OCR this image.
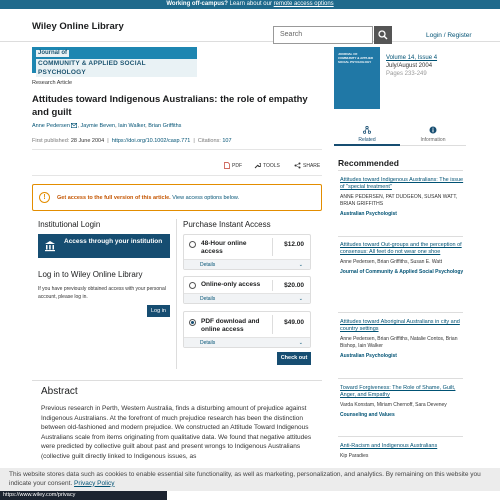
Working off-campus? Learn about our remote access options
Wiley Online Library
Search	Login / Register
Journal of
COMMUNITY & APPLIED SOCIAL PSYCHOLOGY
Research Article
Attitudes toward Indigenous Australians: the role of empathy and guilt
Anne Pedersen , Jaymie Beven, Iain Walker, Brian Griffiths
First published: 28 June 2004  |  https://doi.org/10.1002/casp.771  |  Citations: 107
PDF	TOOLS	SHARE
!	Get access to the full version of this article. View access options below.
Institutional Login	Purchase Instant Access
Access through your institution
Log in to Wiley Online Library
If you have previously obtained access with your personal account, please log in.
Log in
48-Hour online access
$12.00
Details	⌄
Online-only access	$20.00
Details	⌄
PDF download and online access
$49.00
Details	⌄
Check out
Abstract
Previous research in Perth, Western Australia, finds a disturbing amount of prejudice against Indigenous Australians. At the forefront of much prejudice research has been the distinction between old-fashioned and modern prejudice. We constructed an Attitude Toward Indigenous Australians scale from items originating from qualitative data. We found that negative attitudes were predicted by collective guilt about past and present wrongs to Indigenous Australians (collective guilt directly linked to Indigenous issues, as
JOURNAL OF COMMUNITY & APPLIED SOCIAL PSYCHOLOGY
Volume 14, Issue 4
July/August 2004
Pages 233-249
Related	Information
Recommended
Attitudes toward Indigenous Australians: The issue of "special treatment"
ANNE PEDERSEN, PAT DUDGEON, SUSAN WATT, BRIAN GRIFFITHS
Australian Psychologist
Attitudes toward Out-groups and the perception of consensus: All feet do not wear one shoe
Anne Pedersen, Brian Griffiths, Susan E. Watt
Journal of Community & Applied Social Psychology
Attitudes toward Aboriginal Australians in city and country settings
Anne Pedersen, Brian Griffiths, Natalie Contos, Brian Bishop, Iain Walker
Australian Psychologist
Toward Forgiveness: The Role of Shame, Guilt, Anger, and Empathy
Varda Konstam, Miriam Chernoff, Sara Deveney
Counseling and Values
Anti-Racism and Indigenous Australians
Kip Paradies
This website stores data such as cookies to enable essential site functionality, as well as marketing, personalization, and analytics. By remaining on this website you indicate your consent. Privacy Policy
https://www.wiley.com/privacy
